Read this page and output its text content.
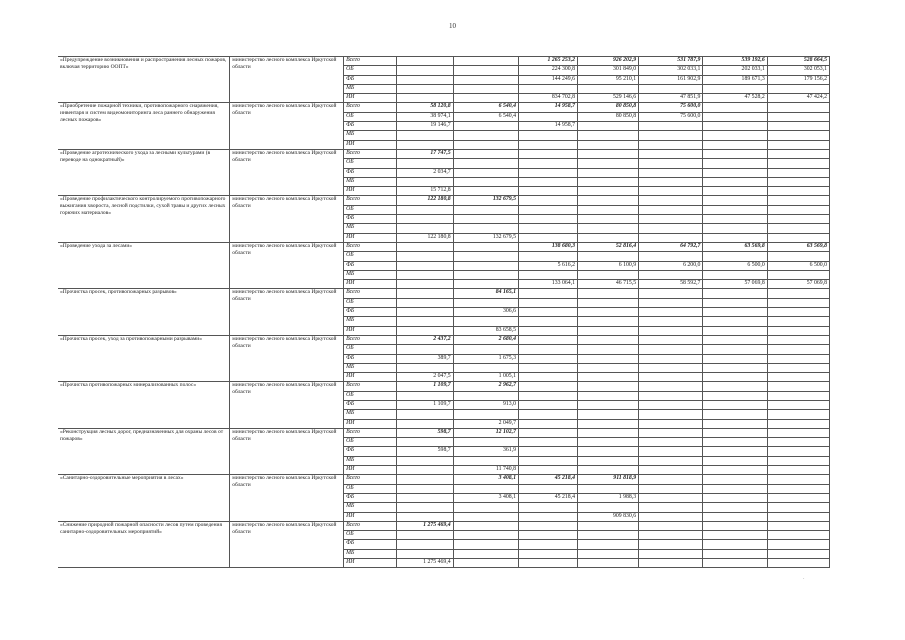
10
«Предупреждение возникновения и распространения лесных пожаров, включая территорию ООПТ»	министерство лесного комплекса Иркутской области	Всего			1 265 253,2	926 202,9	531 787,9	539 192,6	528 664,5
		ОБ			224 300,8	301 849,0	302 033,1	202 033,1	302 053,1
		ФБ			144 249,6	95 210,1	161 902,9	189 671,3	179 156,2
		МБ							
		ИИ			834 702,8	529 146,6	47 851,9	47 528,2	47 424,2
«Приобретение пожарной техники, противопожарного снаряжения, инвентаря и систем видеомониторинга леса раннего обнаружения лесных пожаров»	министерство лесного комплекса Иркутской области	Всего	58 120,8	6 540,4	14 958,7	80 850,8	75 600,0		
		ОБ	38 974,1	6 540,4		80 850,8	75 600,0		
		ФБ	19 146,7		14 958,7				
		МБ							
		ИИ							
«Проведение агротехнического ухода за лесными культурами (в переводе на однократный)»	министерство лесного комплекса Иркутской области	Всего	17 747,5						
		ОБ							
		ФБ	2 034,7						
		МБ							
		ИИ	15 712,8						
«Проведение профилактического контролируемого противопожарного выжигания хвороста, лесной подстилки, сухой травы и других лесных горючих материалов»	министерство лесного комплекса Иркутской области	Всего	122 180,8	132 679,5					
		ОБ							
		ФБ							
		МБ							
		ИИ	122 180,8	132 679,5					
«Проведение ухода за лесами»	министерство лесного комплекса Иркутской области	Всего			138 680,3	52 816,4	64 792,7	63 569,8	63 569,8
		ОБ							
		ФБ			5 616,2	6 100,9	6 200,0	6 500,0	6 500,0
		МБ							
		ИИ			133 064,1	46 715,5	58 592,7	57 069,8	57 069,8
«Прочистка просек, противопожарных разрывов»	министерство лесного комплекса Иркутской области	Всего		84 165,1					
		ОБ							
		ФБ		306,6					
		МБ							
		ИИ		83 658,5					
«Прочистка просек, уход за противопожарными разрывами»	министерство лесного комплекса Иркутской области	Всего	2 437,2	2 680,4					
		ОБ							
		ФБ	389,7	1 675,3					
		МБ							
		ИИ	2 047,5	1 005,1					
«Прочистка противопожарных минерализованных полос»	министерство лесного комплекса Иркутской области	Всего	1 109,7	2 962,7					
		ОБ							
		ФБ	1 109,7	913,0					
		МБ							
		ИИ		2 049,7					
«Реконструкция лесных дорог, предназначенных для охраны лесов от пожаров»	министерство лесного комплекса Иркутской области	Всего	598,7	12 102,7					
		ОБ							
		ФБ	598,7	361,9					
		МБ							
		ИИ		11 740,8					
«Санитарно-оздоровительные мероприятия в лесах»	министерство лесного комплекса Иркутской области	Всего		3 408,1	45 218,4	911 818,9			
		ОБ							
		ФБ		3 408,1	45 218,4	1 988,3			
		МБ							
		ИИ				909 830,6			
«Снижение природной пожарной опасности лесов путем проведения санитарно-оздоровительных мероприятий»	министерство лесного комплекса Иркутской области	Всего	1 275 469,4						
		ОБ							
		ФБ							
		МБ							
		ИИ	1 275 469,4						
.
